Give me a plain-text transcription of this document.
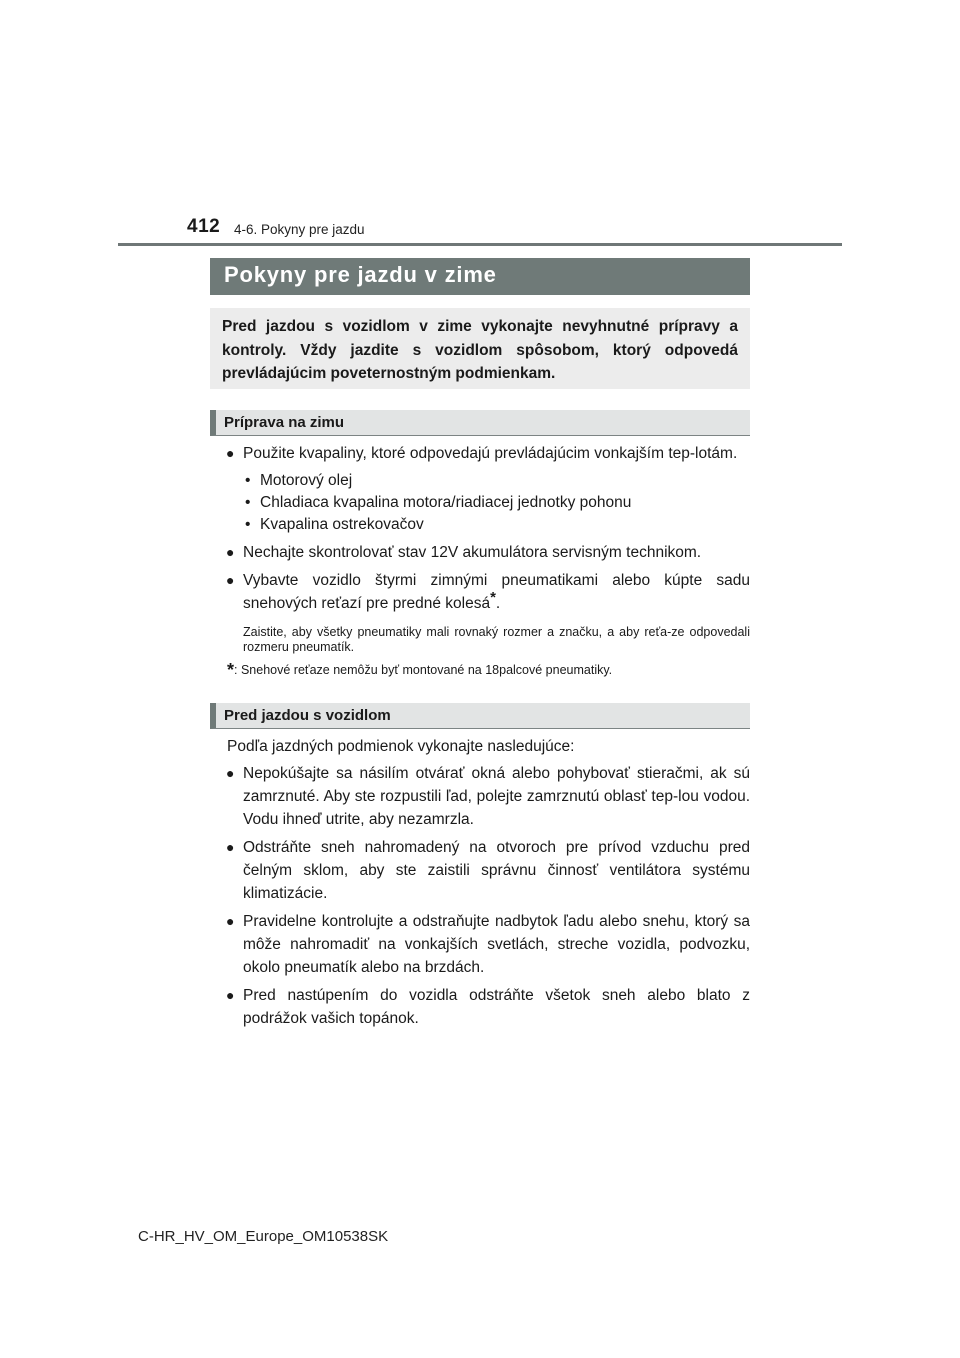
412 4-6. Pokyny pre jazdu
Pokyny pre jazdu v zime
Pred jazdou s vozidlom v zime vykonajte nevyhnutné prípravy a kontroly. Vždy jazdite s vozidlom spôsobom, ktorý odpovedá prevládajúcim poveternostným podmienkam.
Príprava na zimu
● Použite kvapaliny, ktoré odpovedajú prevládajúcim vonkajším tep-lotám.
• Motorový olej
• Chladiaca kvapalina motora/riadiacej jednotky pohonu
• Kvapalina ostrekovačov
● Nechajte skontrolovať stav 12V akumulátora servisným technikom.
● Vybavte vozidlo štyrmi zimnými pneumatikami alebo kúpte sadu snehových reťazí pre predné kolesá*.
Zaistite, aby všetky pneumatiky mali rovnaký rozmer a značku, a aby reťa-ze odpovedali rozmeru pneumatík.
*: Snehové reťaze nemôžu byť montované na 18palcové pneumatiky.
Pred jazdou s vozidlom
Podľa jazdných podmienok vykonajte nasledujúce:
● Nepokúšajte sa násilím otvárať okná alebo pohybovať stieračmi, ak sú zamrznuté. Aby ste rozpustili ľad, polejte zamrznutú oblasť tep-lou vodou. Vodu ihneď utrite, aby nezamrzla.
● Odstráňte sneh nahromadený na otvoroch pre prívod vzduchu pred čelným sklom, aby ste zaistili správnu činnosť ventilátora systému klimatizácie.
● Pravidelne kontrolujte a odstraňujte nadbytok ľadu alebo snehu, ktorý sa môže nahromadiť na vonkajších svetlách, streche vozidla, podvozku, okolo pneumatík alebo na brzdách.
● Pred nastúpením do vozidla odstráňte všetok sneh alebo blato z podrážok vašich topánok.
C-HR_HV_OM_Europe_OM10538SK
